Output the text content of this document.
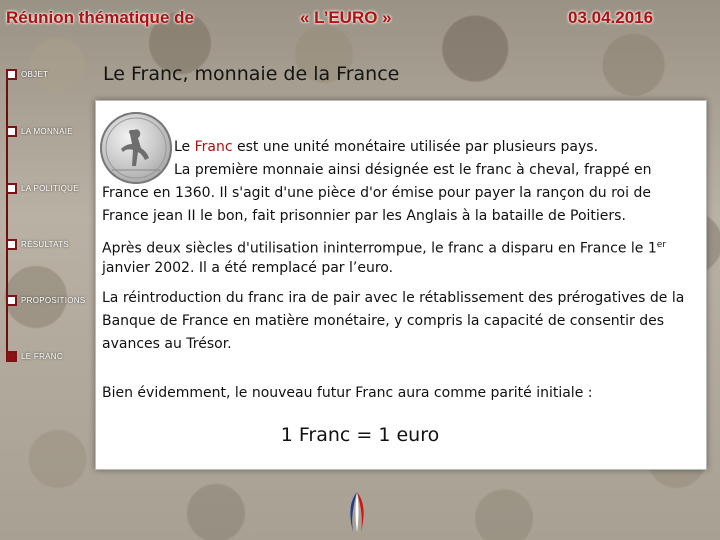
Réunion thématique de	« L’EURO »	03.04.2016
OBJET
LA MONNAIE
LA POLITIQUE
RÉSULTATS
PROPOSITIONS
LE FRANC
Le Franc, monnaie de la France
Le Franc est une unité monétaire utilisée par plusieurs pays.
La première monnaie ainsi désignée est le franc à cheval, frappé en
France en 1360. Il s'agit d'une pièce d'or émise pour payer la rançon du roi de
France jean II le bon, fait prisonnier par les Anglais à la bataille de Poitiers.
Après deux siècles d'utilisation ininterrompue, le franc a disparu en France le 1er
janvier 2002. Il a été remplacé par l’euro.
La réintroduction du franc ira de pair avec le rétablissement des prérogatives de la
Banque de France en matière monétaire, y compris la capacité de consentir des
avances au Trésor.
Bien évidemment, le nouveau futur Franc aura comme parité initiale :
1 Franc = 1 euro
